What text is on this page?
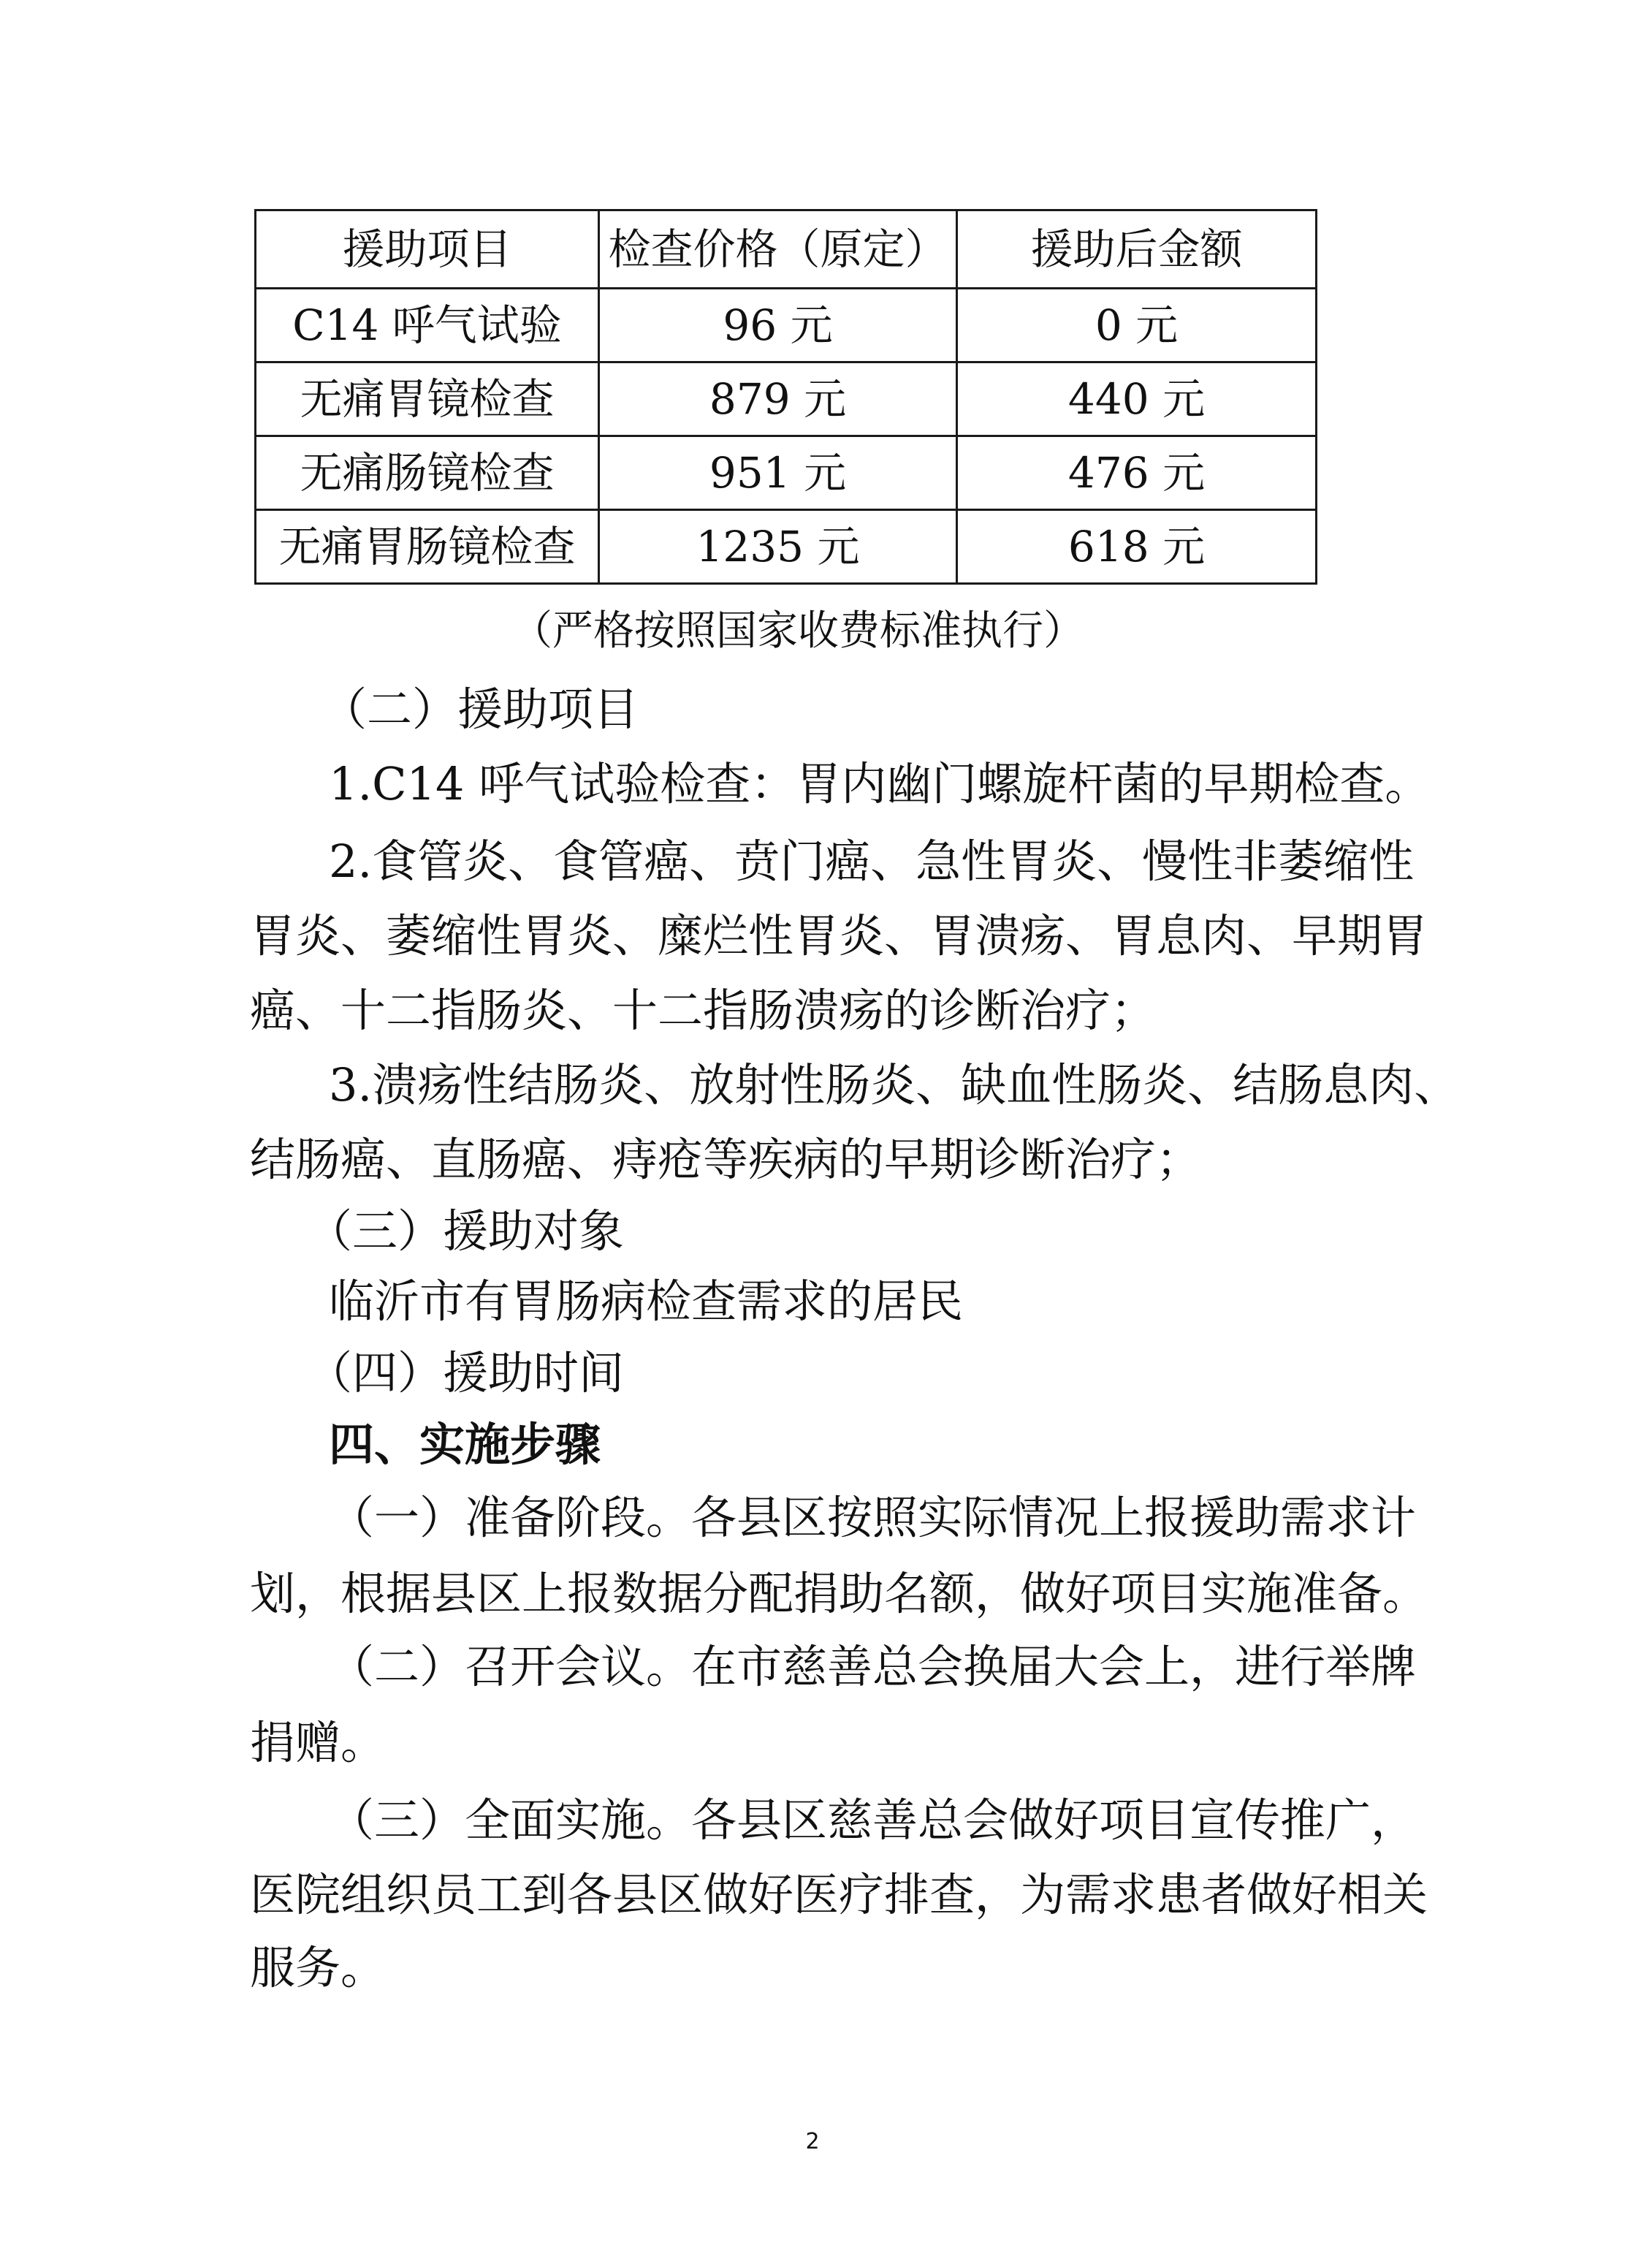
援助项目	检查价格（原定）	援助后金额
C14 呼气试验	96 元	0 元
无痛胃镜检查	879 元	440 元
无痛肠镜检查	951 元	476 元
无痛胃肠镜检查	1235 元	618 元

（严格按照国家收费标准执行）

（二）援助项目

1.C14 呼气试验检查：胃内幽门螺旋杆菌的早期检查。

2.食管炎、食管癌、贲门癌、急性胃炎、慢性非萎缩性

胃炎、萎缩性胃炎、糜烂性胃炎、胃溃疡、胃息肉、早期胃

癌、十二指肠炎、十二指肠溃疡的诊断治疗；

3.溃疡性结肠炎、放射性肠炎、缺血性肠炎、结肠息肉、

结肠癌、直肠癌、痔疮等疾病的早期诊断治疗；

（三）援助对象

临沂市有胃肠病检查需求的居民

（四）援助时间

四、实施步骤

（一）准备阶段。各县区按照实际情况上报援助需求计

划，根据县区上报数据分配捐助名额，做好项目实施准备。

（二）召开会议。在市慈善总会换届大会上，进行举牌

捐赠。

（三）全面实施。各县区慈善总会做好项目宣传推广，

医院组织员工到各县区做好医疗排查，为需求患者做好相关

服务。

2
